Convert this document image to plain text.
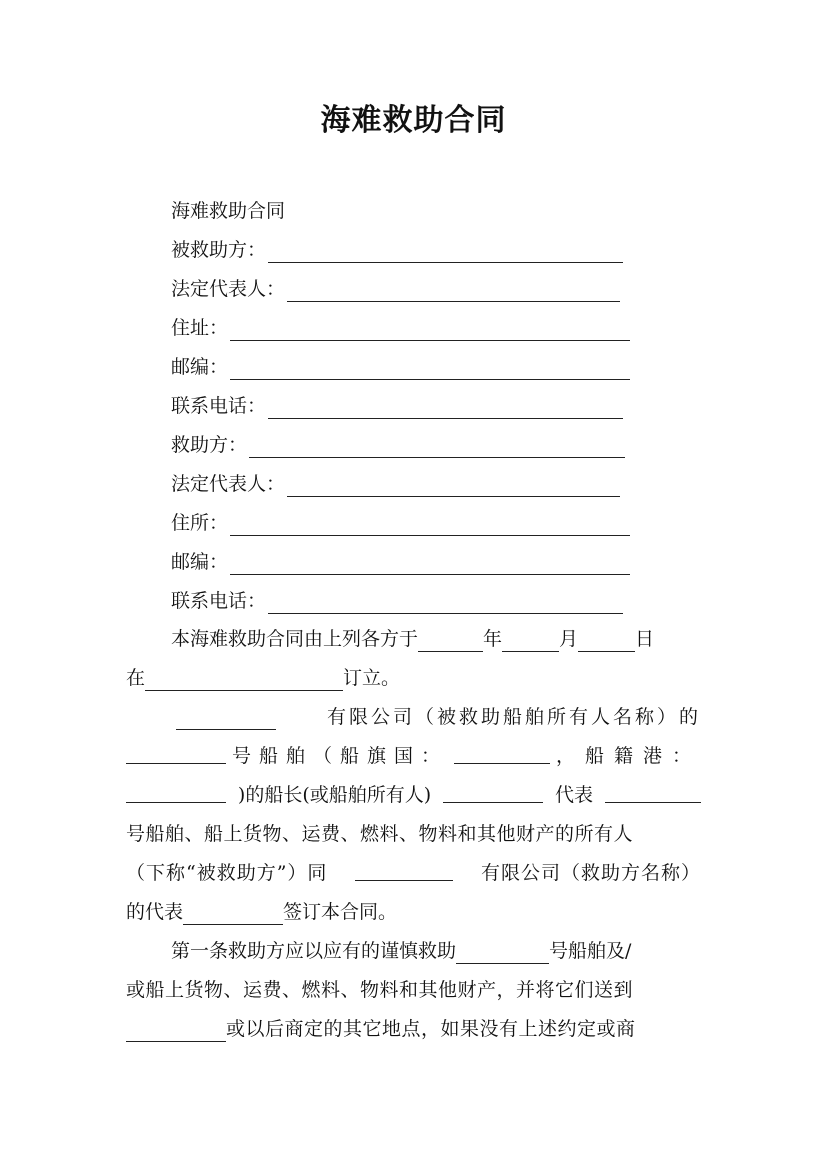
海难救助合同
海难救助合同
被救助方：
法定代表人：
住址：
邮编：
联系电话：
救助方：
法定代表人：
住所：
邮编：
联系电话：
本海难救助合同由上列各方于	年	月	日
在	订立。
有限公司（被救助船舶所有人名称）的
号船舶（船旗国：	，船籍港：
)的船长(或船舶所有人)	代表
号船舶、船上货物、运费、燃料、物料和其他财产的所有人
（下称“被救助方”）同	有限公司（救助方名称）
的代表	签订本合同。
第一条救助方应以应有的谨慎救助	号船舶及/
或船上货物、运费、燃料、物料和其他财产，并将它们送到
或以后商定的其它地点，如果没有上述约定或商
